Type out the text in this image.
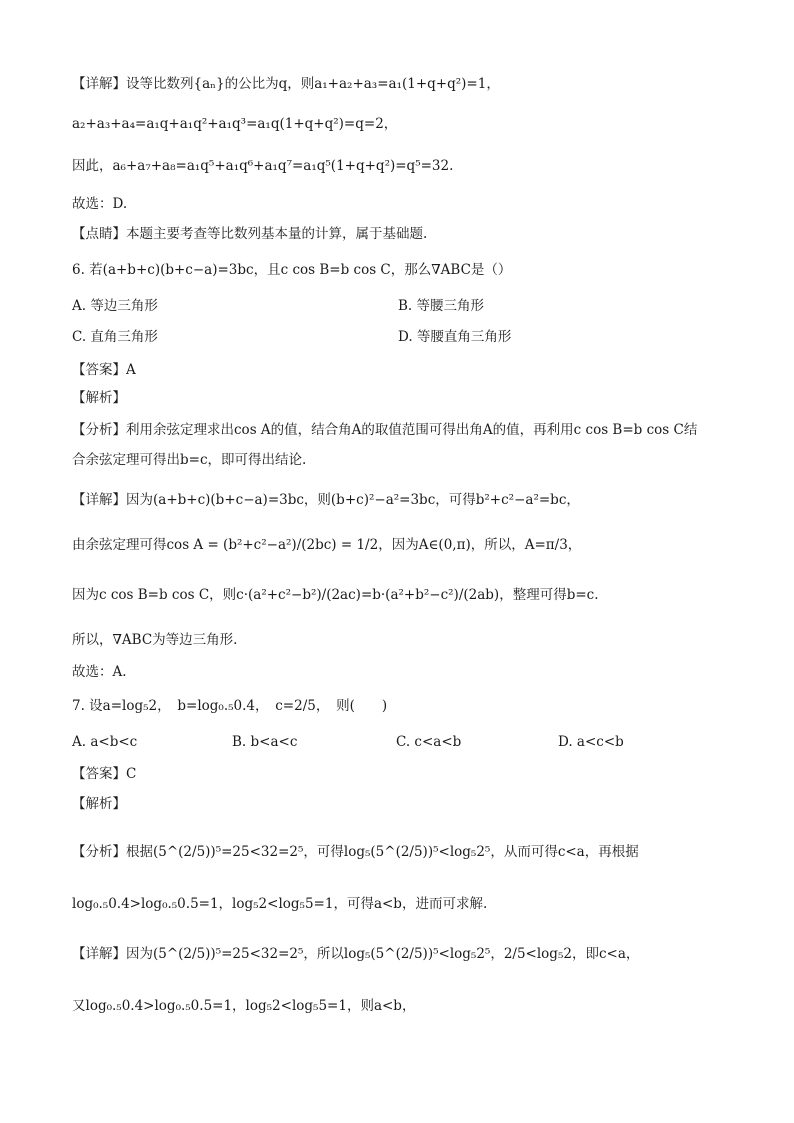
【详解】设等比数列{aₙ}的公比为q，则a₁+a₂+a₃=a₁(1+q+q²)=1，
a₂+a₃+a₄=a₁q+a₁q²+a₁q³=a₁q(1+q+q²)=q=2，
因此，a₆+a₇+a₈=a₁q⁵+a₁q⁶+a₁q⁷=a₁q⁵(1+q+q²)=q⁵=32.
故选：D.
【点睛】本题主要考查等比数列基本量的计算，属于基础题.
6. 若(a+b+c)(b+c−a)=3bc，且c cos B=b cos C，那么∇ABC是（）
【答案】A
【解析】
【分析】利用余弦定理求出cos A的值，结合角A的取值范围可得出角A的值，再利用c cos B=b cos C结
合余弦定理可得出b=c，即可得出结论.
【详解】因为(a+b+c)(b+c−a)=3bc，则(b+c)²−a²=3bc，可得b²+c²−a²=bc，
由余弦定理可得cos A = (b²+c²−a²)/(2bc) = 1/2，因为A∈(0,π)，所以，A=π/3，
因为c cos B=b cos C，则c·(a²+c²−b²)/(2ac)=b·(a²+b²−c²)/(2ab)，整理可得b=c.
所以，∇ABC为等边三角形.
故选：A.
7. 设a=log₅2，　b=log₀.₅0.4，　c=2/5，　则(　　)
【答案】C
【解析】
【分析】根据(5^(2/5))⁵=25<32=2⁵，可得log₅(5^(2/5))⁵<log₅2⁵，从而可得c<a，再根据
log₀.₅0.4>log₀.₅0.5=1，log₅2<log₅5=1，可得a<b，进而可求解.
【详解】因为(5^(2/5))⁵=25<32=2⁵，所以log₅(5^(2/5))⁵<log₅2⁵，2/5<log₅2，即c<a，
又log₀.₅0.4>log₀.₅0.5=1，log₅2<log₅5=1，则a<b，
A. 等边三角形	B. 等腰三角形
C. 直角三角形	D. 等腰直角三角形
A. a<b<c	B. b<a<c	C. c<a<b	D. a<c<b
